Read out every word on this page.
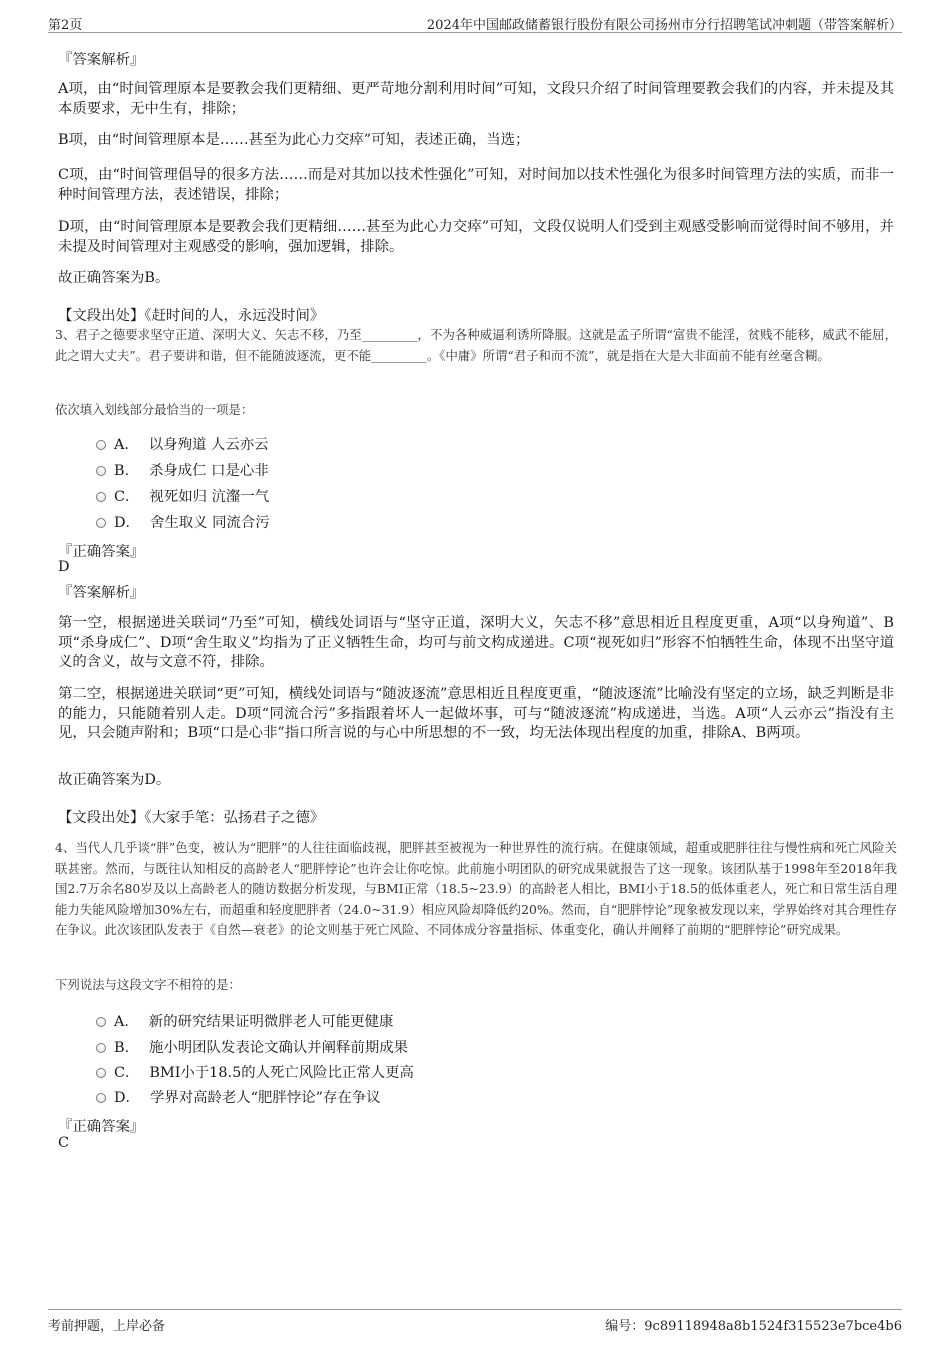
第2页	2024年中国邮政储蓄银行股份有限公司扬州市分行招聘笔试冲刺题（带答案解析）
『答案解析』
A项，由“时间管理原本是要教会我们更精细、更严苛地分割利用时间”可知，文段只介绍了时间管理要教会我们的内容，并未提及其本质要求，无中生有，排除；
B项，由“时间管理原本是……甚至为此心力交瘁”可知，表述正确，当选；
C项，由“时间管理倡导的很多方法……而是对其加以技术性强化”可知，对时间加以技术性强化为很多时间管理方法的实质，而非一种时间管理方法，表述错误，排除；
D项，由“时间管理原本是要教会我们更精细……甚至为此心力交瘁”可知，文段仅说明人们受到主观感受影响而觉得时间不够用，并未提及时间管理对主观感受的影响，强加逻辑，排除。
故正确答案为B。
【文段出处】《赶时间的人，永远没时间》
3、君子之德要求坚守正道、深明大义、矢志不移，乃至_________，不为各种威逼利诱所降服。这就是孟子所谓“富贵不能淫，贫贱不能移，威武不能屈，此之谓大丈夫”。君子要讲和谐，但不能随波逐流，更不能_________。《中庸》所谓“君子和而不流”，就是指在大是大非面前不能有丝毫含糊。
依次填入划线部分最恰当的一项是：
A． 以身殉道 人云亦云
B． 杀身成仁 口是心非
C． 视死如归 沆瀣一气
D． 舍生取义 同流合污
『正确答案』
D
『答案解析』
第一空，根据递进关联词“乃至”可知，横线处词语与“坚守正道，深明大义，矢志不移”意思相近且程度更重，A项“以身殉道”、B项“杀身成仁”、D项“舍生取义”均指为了正义牺牲生命，均可与前文构成递进。C项“视死如归”形容不怕牺牲生命，体现不出坚守道义的含义，故与文意不符，排除。
第二空，根据递进关联词“更”可知，横线处词语与“随波逐流”意思相近且程度更重，“随波逐流”比喻没有坚定的立场，缺乏判断是非的能力，只能随着别人走。D项“同流合污”多指跟着坏人一起做坏事，可与“随波逐流”构成递进，当选。A项“人云亦云”指没有主见，只会随声附和；B项“口是心非”指口所言说的与心中所思想的不一致，均无法体现出程度的加重，排除A、B两项。
故正确答案为D。
【文段出处】《大家手笔：弘扬君子之德》
4、当代人几乎谈“胖”色变，被认为“肥胖”的人往往面临歧视，肥胖甚至被视为一种世界性的流行病。在健康领域，超重或肥胖往往与慢性病和死亡风险关联甚密。然而，与既往认知相反的高龄老人“肥胖悖论”也许会让你吃惊。此前施小明团队的研究成果就报告了这一现象。该团队基于1998年至2018年我国2.7万余名80岁及以上高龄老人的随访数据分析发现，与BMI正常（18.5~23.9）的高龄老人相比，BMI小于18.5的低体重老人，死亡和日常生活自理能力失能风险增加30%左右，而超重和轻度肥胖者（24.0~31.9）相应风险却降低约20%。然而，自“肥胖悖论”现象被发现以来，学界始终对其合理性存在争议。此次该团队发表于《自然—衰老》的论文则基于死亡风险、不同体成分容量指标、体重变化，确认并阐释了前期的“肥胖悖论”研究成果。
下列说法与这段文字不相符的是：
A． 新的研究结果证明微胖老人可能更健康
B． 施小明团队发表论文确认并阐释前期成果
C． BMI小于18.5的人死亡风险比正常人更高
D． 学界对高龄老人“肥胖悖论”存在争议
『正确答案』
C
考前押题，上岸必备	编号：9c89118948a8b1524f315523e7bce4b6
